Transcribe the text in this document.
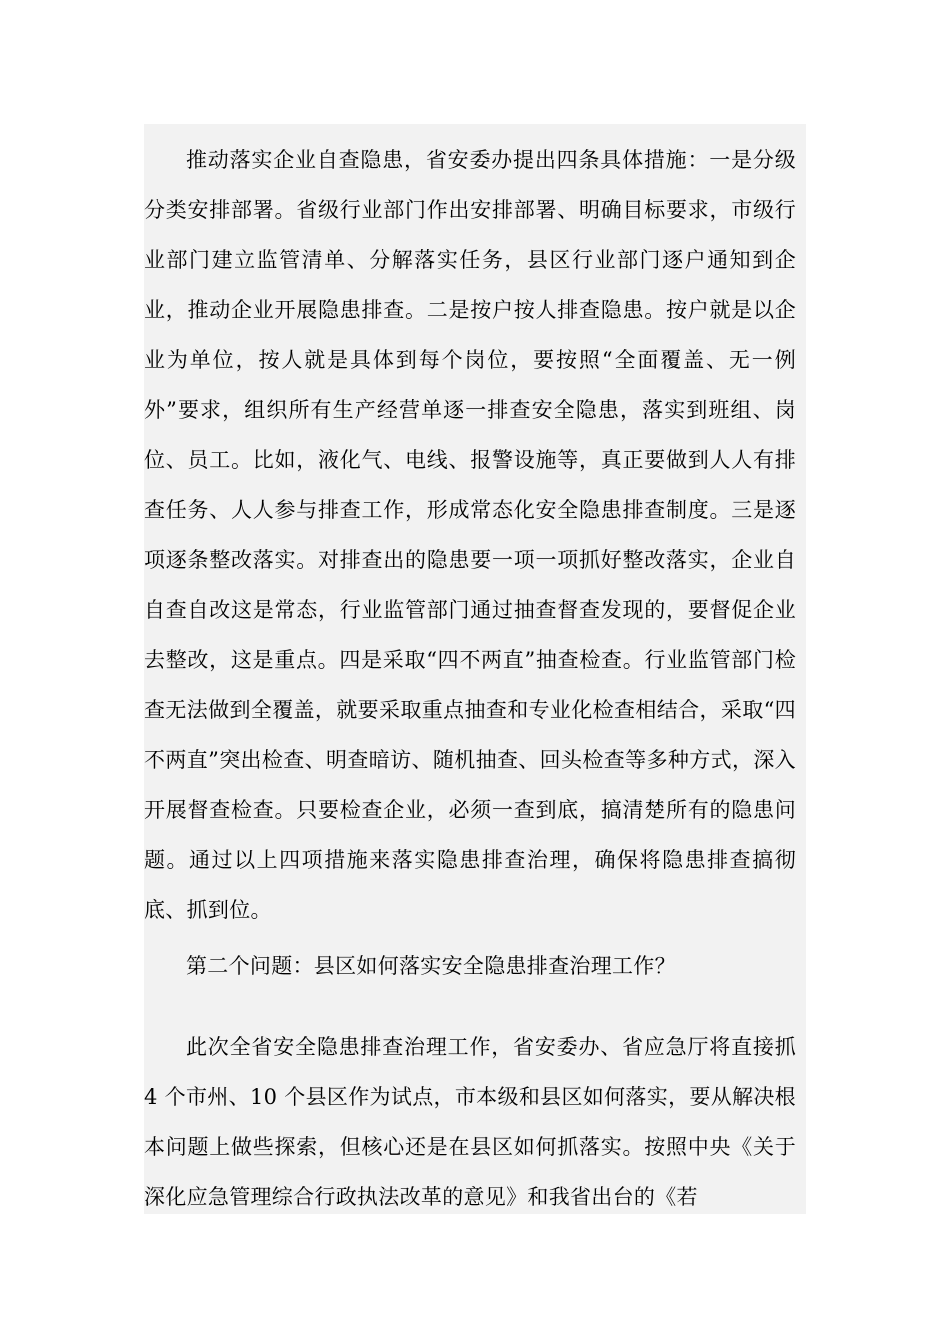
推动落实企业自查隐患，省安委办提出四条具体措施：一是分级分类安排部署。省级行业部门作出安排部署、明确目标要求，市级行业部门建立监管清单、分解落实任务，县区行业部门逐户通知到企业，推动企业开展隐患排查。二是按户按人排查隐患。按户就是以企业为单位，按人就是具体到每个岗位，要按照“全面覆盖、无一例外”要求，组织所有生产经营单逐一排查安全隐患，落实到班组、岗位、员工。比如，液化气、电线、报警设施等，真正要做到人人有排查任务、人人参与排查工作，形成常态化安全隐患排查制度。三是逐项逐条整改落实。对排查出的隐患要一项一项抓好整改落实，企业自自查自改这是常态，行业监管部门通过抽查督查发现的，要督促企业去整改，这是重点。四是采取“四不两直”抽查检查。行业监管部门检查无法做到全覆盖，就要采取重点抽查和专业化检查相结合，采取“四不两直”突出检查、明查暗访、随机抽查、回头检查等多种方式，深入开展督查检查。只要检查企业，必须一查到底，搞清楚所有的隐患问题。通过以上四项措施来落实隐患排查治理，确保将隐患排查搞彻底、抓到位。

第二个问题：县区如何落实安全隐患排查治理工作？

此次全省安全隐患排查治理工作，省安委办、省应急厅将直接抓 4 个市州、10 个县区作为试点，市本级和县区如何落实，要从解决根本问题上做些探索，但核心还是在县区如何抓落实。按照中央《关于深化应急管理综合行政执法改革的意见》和我省出台的《若
